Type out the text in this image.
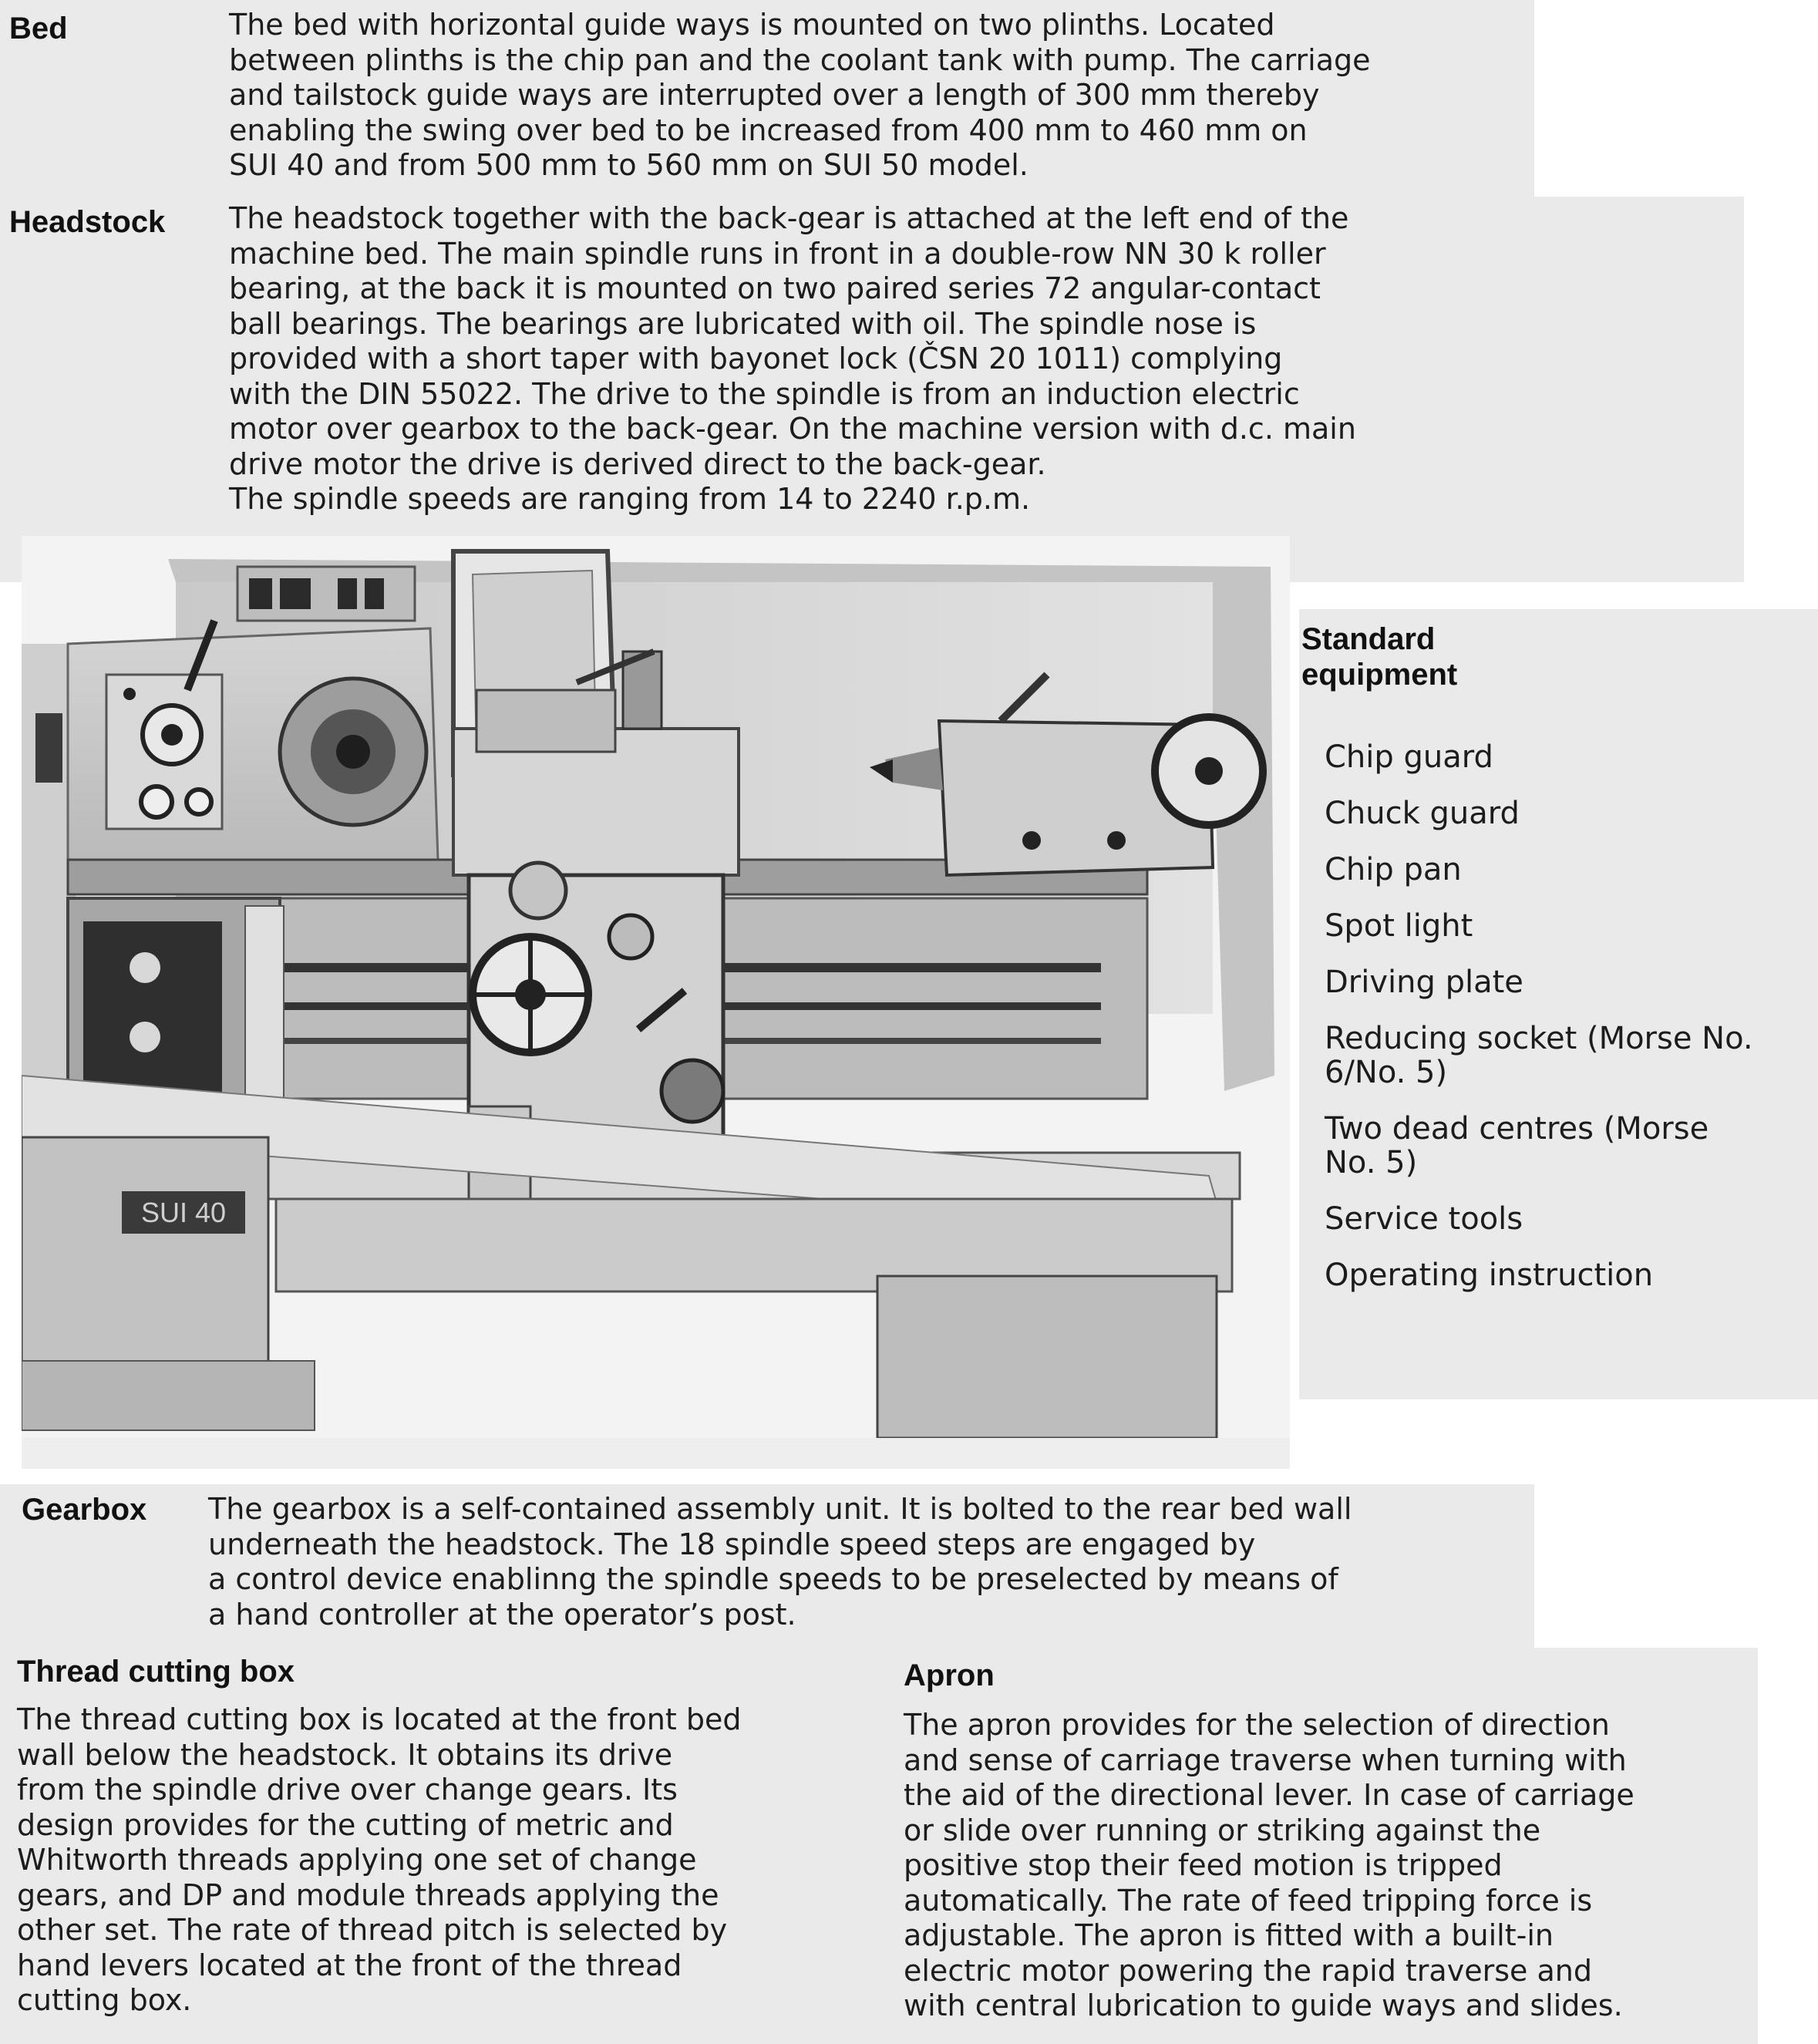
Bed	The bed with horizontal guide ways is mounted on two plinths. Located
between plinths is the chip pan and the coolant tank with pump. The carriage
and tailstock guide ways are interrupted over a length of 300 mm thereby
enabling the swing over bed to be increased from 400 mm to 460 mm on
SUI 40 and from 500 mm to 560 mm on SUI 50 model.
Headstock The headstock together with the back-gear is attached at the left end of the
machine bed. The main spindle runs in front in a double-row NN 30 k roller
bearing, at the back it is mounted on two paired series 72 angular-contact
ball bearings. The bearings are lubricated with oil. The spindle nose is
provided with a short taper with bayonet lock (ČSN 20 1011) complying
with the DIN 55022. The drive to the spindle is from an induction electric
motor over gearbox to the back-gear. On the machine version with d.c. main
drive motor the drive is derived direct to the back-gear.
The spindle speeds are ranging from 14 to 2240 r.p.m.
SUI 40
Standard
equipment
Chip guard
Chuck guard
Chip pan
Spot light
Driving plate
Reducing socket (Morse No.
6/No. 5)
Two dead centres (Morse
No. 5)
Service tools
Operating instruction
Gearbox The gearbox is a self-contained assembly unit. It is bolted to the rear bed wall
underneath the headstock. The 18 spindle speed steps are engaged by
a control device enablinng the spindle speeds to be preselected by means of
a hand controller at the operator’s post.
Thread cutting box
The thread cutting box is located at the front bed
wall below the headstock. It obtains its drive
from the spindle drive over change gears. Its
design provides for the cutting of metric and
Whitworth threads applying one set of change
gears, and DP and module threads applying the
other set. The rate of thread pitch is selected by
hand levers located at the front of the thread
cutting box.
Apron
The apron provides for the selection of direction
and sense of carriage traverse when turning with
the aid of the directional lever. In case of carriage
or slide over running or striking against the
positive stop their feed motion is tripped
automatically. The rate of feed tripping force is
adjustable. The apron is fitted with a built-in
electric motor powering the rapid traverse and
with central lubrication to guide ways and slides.
